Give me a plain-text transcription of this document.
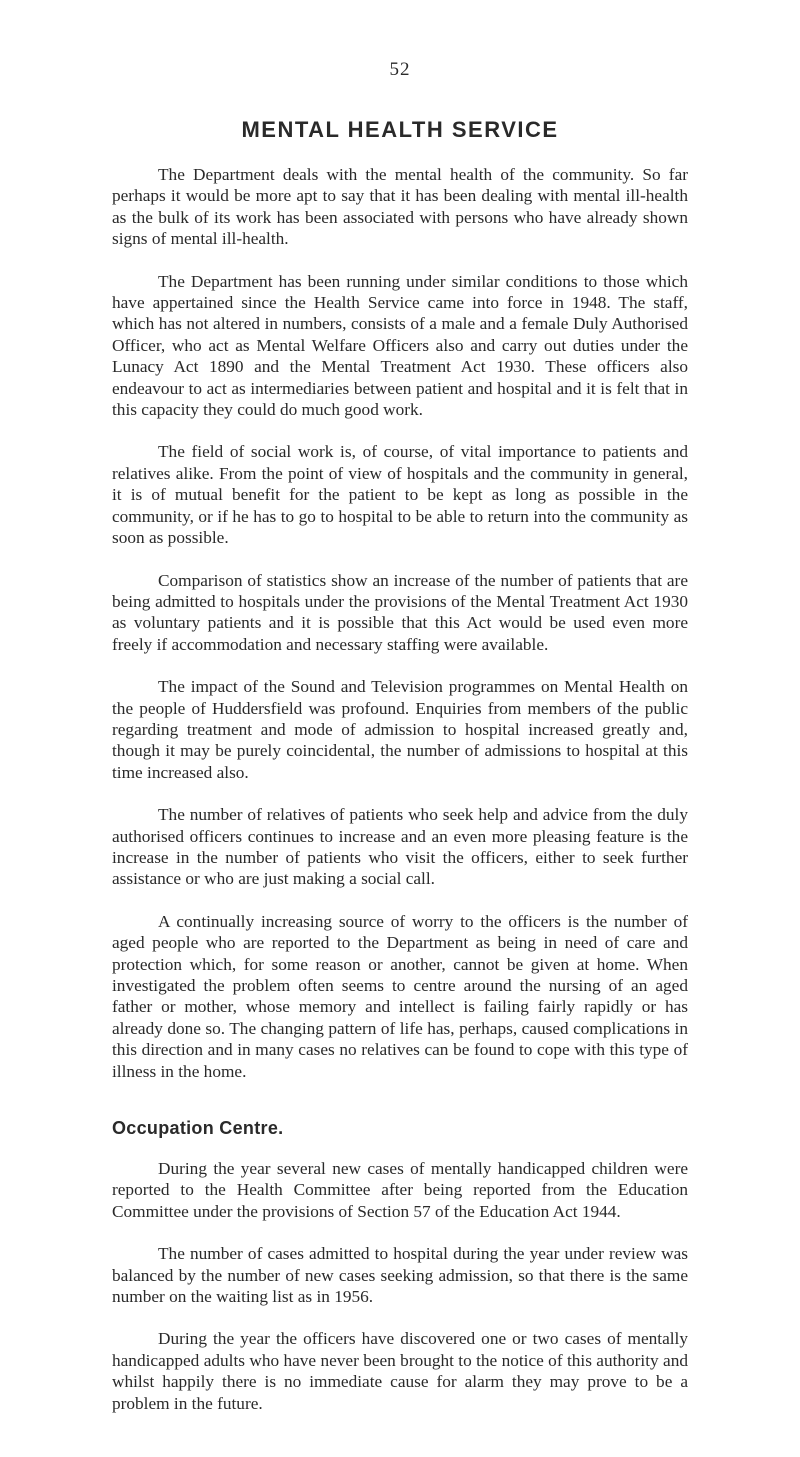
52
MENTAL HEALTH SERVICE

The Department deals with the mental health of the community. So far perhaps it would be more apt to say that it has been dealing with mental ill-health as the bulk of its work has been associated with persons who have already shown signs of mental ill-health.

The Department has been running under similar conditions to those which have appertained since the Health Service came into force in 1948. The staff, which has not altered in numbers, consists of a male and a female Duly Authorised Officer, who act as Mental Welfare Officers also and carry out duties under the Lunacy Act 1890 and the Mental Treatment Act 1930. These officers also endeavour to act as intermediaries between patient and hospital and it is felt that in this capacity they could do much good work.

The field of social work is, of course, of vital importance to patients and relatives alike. From the point of view of hospitals and the community in general, it is of mutual benefit for the patient to be kept as long as possible in the community, or if he has to go to hospital to be able to return into the community as soon as possible.

Comparison of statistics show an increase of the number of patients that are being admitted to hospitals under the provisions of the Mental Treatment Act 1930 as voluntary patients and it is possible that this Act would be used even more freely if accommodation and necessary staffing were available.

The impact of the Sound and Television programmes on Mental Health on the people of Huddersfield was profound. Enquiries from members of the public regarding treatment and mode of admission to hospital increased greatly and, though it may be purely coincidental, the number of admissions to hospital at this time increased also.

The number of relatives of patients who seek help and advice from the duly authorised officers continues to increase and an even more pleasing feature is the increase in the number of patients who visit the officers, either to seek further assistance or who are just making a social call.

A continually increasing source of worry to the officers is the number of aged people who are reported to the Department as being in need of care and protection which, for some reason or another, cannot be given at home. When investigated the problem often seems to centre around the nursing of an aged father or mother, whose memory and intellect is failing fairly rapidly or has already done so. The changing pattern of life has, perhaps, caused complications in this direction and in many cases no relatives can be found to cope with this type of illness in the home.

Occupation Centre.

During the year several new cases of mentally handicapped children were reported to the Health Committee after being reported from the Education Committee under the provisions of Section 57 of the Education Act 1944.

The number of cases admitted to hospital during the year under review was balanced by the number of new cases seeking admission, so that there is the same number on the waiting list as in 1956.

During the year the officers have discovered one or two cases of mentally handicapped adults who have never been brought to the notice of this authority and whilst happily there is no immediate cause for alarm they may prove to be a problem in the future.
